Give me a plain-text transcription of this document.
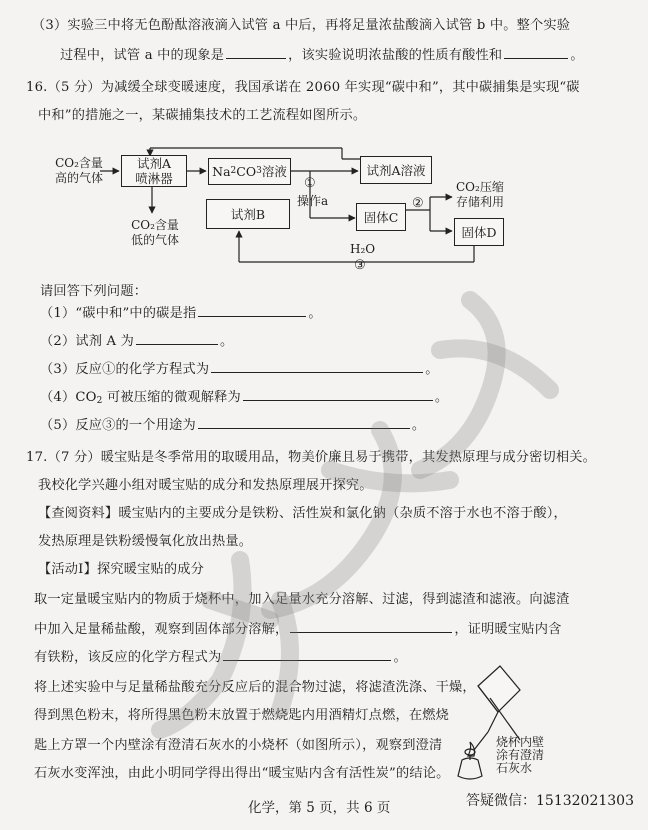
（3）实验三中将无色酚酞溶液滴入试管 a 中后，再将足量浓盐酸滴入试管 b 中。整个实验
过程中，试管 a 中的现象是	，该实验说明浓盐酸的性质有酸性和	。
16.（5 分）为减缓全球变暖速度，我国承诺在 2060 年实现“碳中和”，其中碳捕集是实现“碳
中和”的措施之一，某碳捕集技术的工艺流程如图所示。
CO₂含量
高的气体
试剂A
喷淋器	Na 2 CO 3 溶液	试剂A溶液
试剂B	固体C
固体D
CO₂含量
低的气体
①
操作a	②
CO₂压缩
存储利用
H₂O
③
请回答下列问题：
（1）“碳中和”中的碳是指	。
（2）试剂 A 为	。
（3）反应①的化学方程式为	。
$(4)CO_2$ 可被压缩的微观解释为	。
（5）反应③的一个用途为	。
17.（7 分）暖宝贴是冬季常用的取暖用品，物美价廉且易于携带，其发热原理与成分密切相关。
我校化学兴趣小组对暖宝贴的成分和发热原理展开探究。
【查阅资料】暖宝贴内的主要成分是铁粉、活性炭和氯化钠（杂质不溶于水也不溶于酸），
发热原理是铁粉缓慢氧化放出热量。
【活动Ⅰ】探究暖宝贴的成分
取一定量暖宝贴内的物质于烧杯中，加入足量水充分溶解、过滤，得到滤渣和滤液。向滤渣
中加入足量稀盐酸，观察到固体部分溶解，	，证明暖宝贴内含
有铁粉，该反应的化学方程式为	。
将上述实验中与足量稀盐酸充分反应后的混合物过滤，将滤渣洗涤、干燥，
得到黑色粉末，将所得黑色粉末放置于燃烧匙内用酒精灯点燃，在燃烧
匙上方罩一个内壁涂有澄清石灰水的小烧杯（如图所示），观察到澄清
石灰水变浑浊，由此小明同学得出得出“暖宝贴内含有活性炭”的结论。
烧杯内壁
涂有澄清
石灰水
化学，第 5 页，共 6 页	答疑微信：15132021303
